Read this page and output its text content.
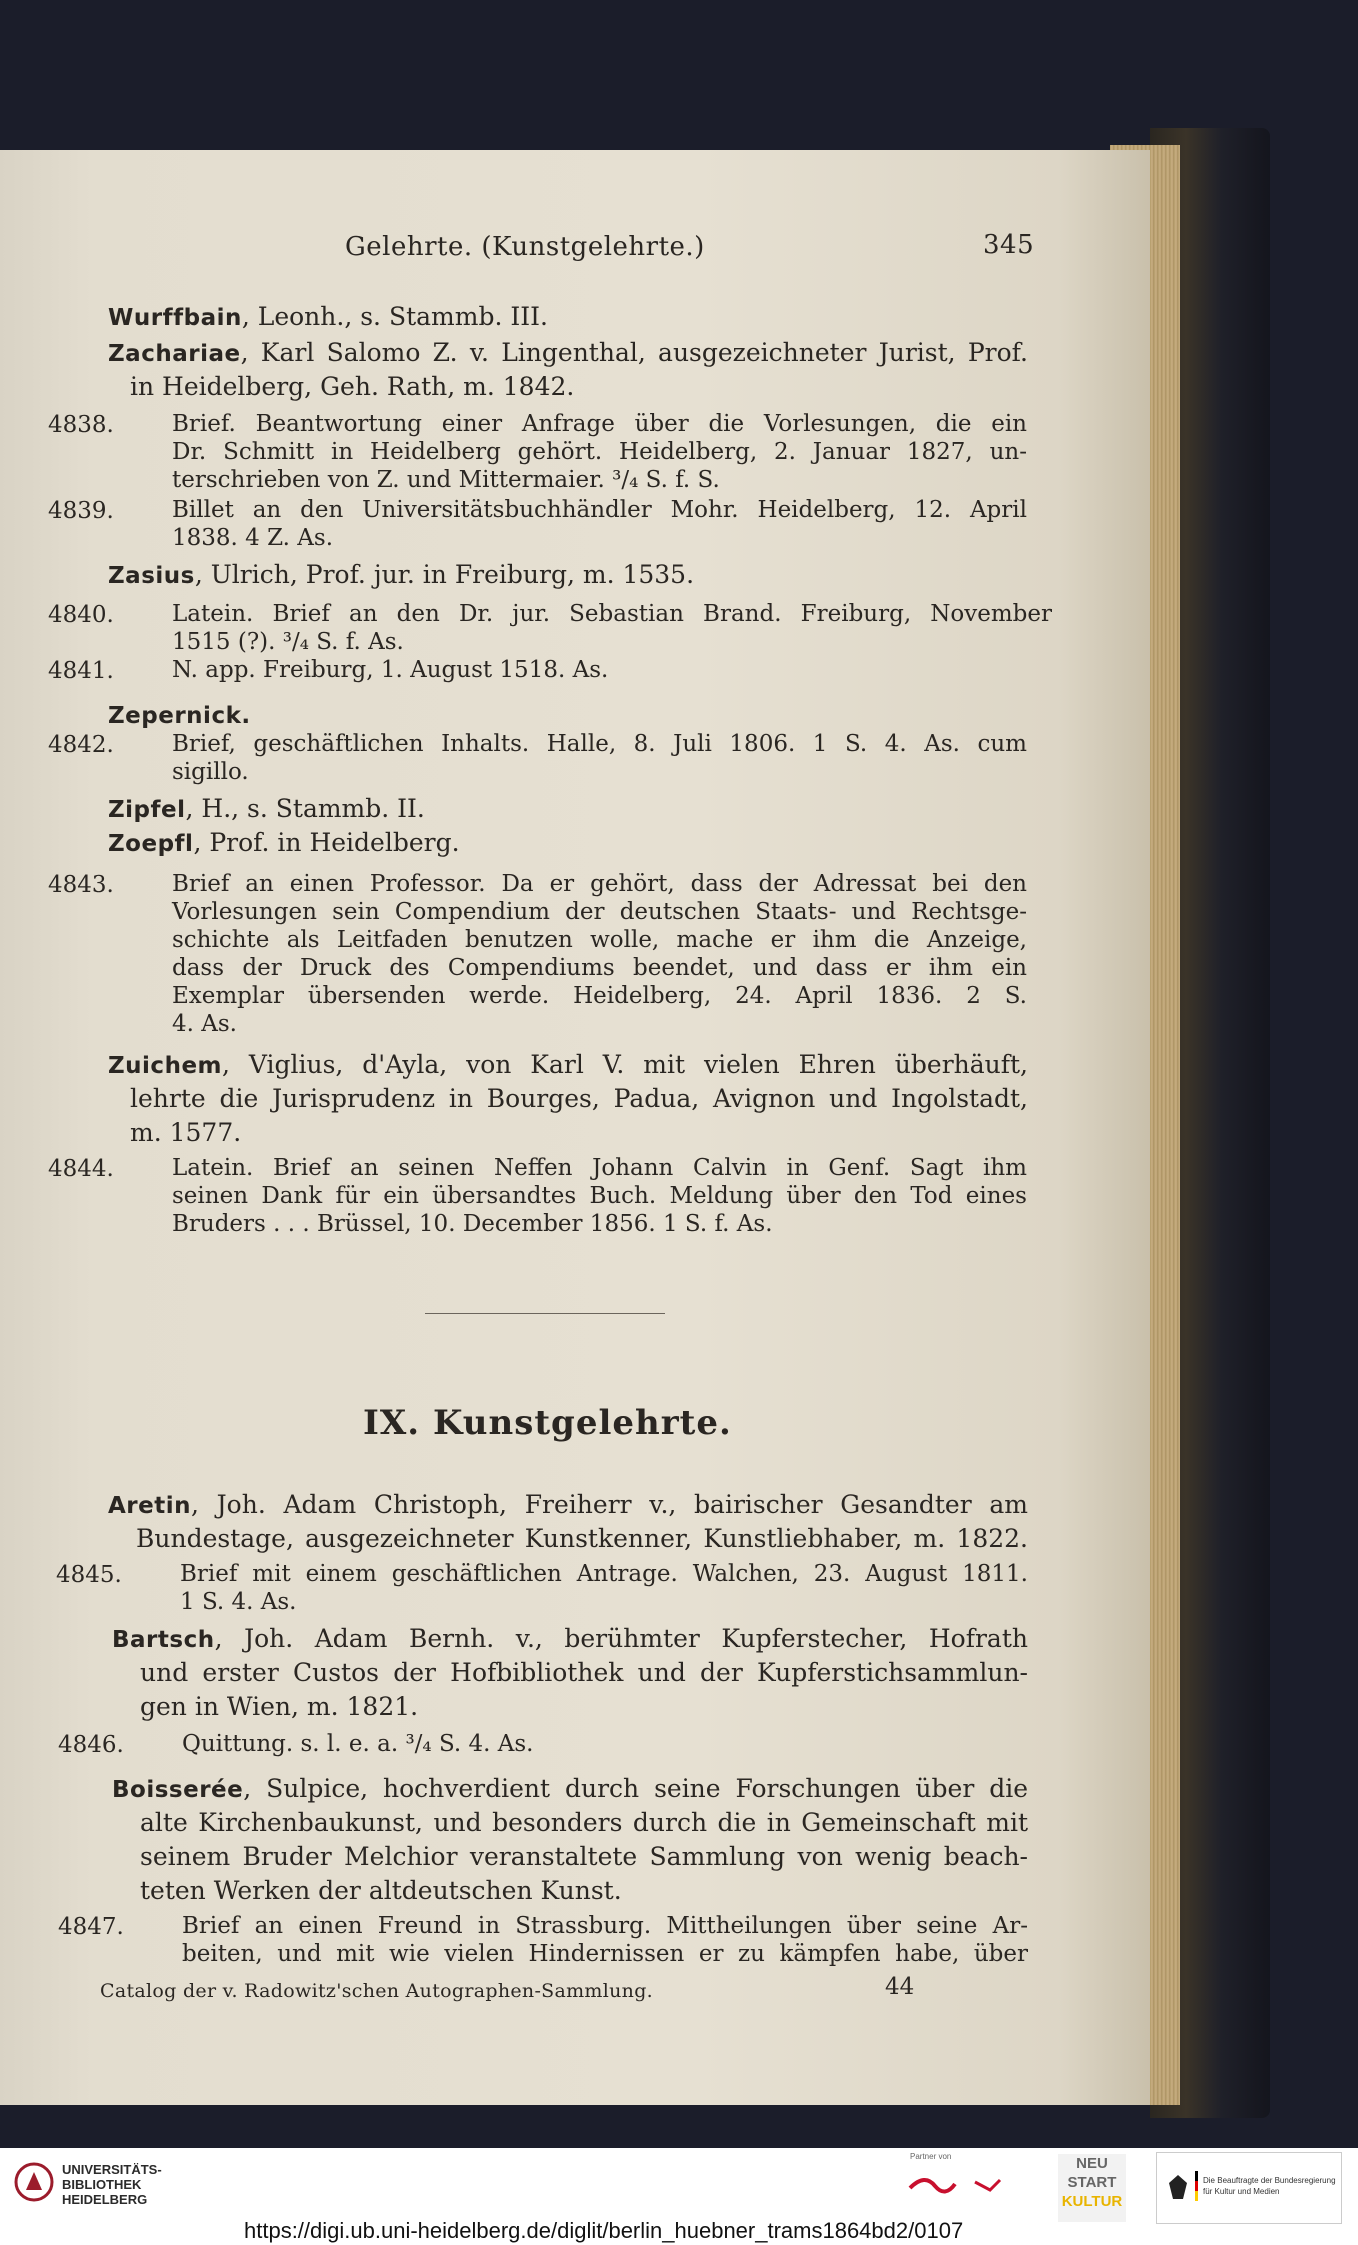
Gelehrte. (Kunstgelehrte.)	345
Wurffbain, Leonh., s. Stammb. III.
Zachariae, Karl Salomo Z. v. Lingenthal, ausgezeichneter Jurist, Prof.
in Heidelberg, Geh. Rath, m. 1842.
4838.	Brief. Beantwortung einer Anfrage über die Vorlesungen, die ein
Dr. Schmitt in Heidelberg gehört. Heidelberg, 2. Januar 1827, un-
terschrieben von Z. und Mittermaier. ³/₄ S. f. S.
4839.	Billet an den Universitätsbuchhändler Mohr. Heidelberg, 12. April
1838. 4 Z. As.
Zasius, Ulrich, Prof. jur. in Freiburg, m. 1535.
4840.	Latein. Brief an den Dr. jur. Sebastian Brand. Freiburg, November
1515 (?). ³/₄ S. f. As.
4841.	N. app. Freiburg, 1. August 1518. As.
Zepernick.
4842.	Brief, geschäftlichen Inhalts. Halle, 8. Juli 1806. 1 S. 4. As. cum
sigillo.
Zipfel, H., s. Stammb. II.
Zoepfl, Prof. in Heidelberg.
4843.	Brief an einen Professor. Da er gehört, dass der Adressat bei den
Vorlesungen sein Compendium der deutschen Staats- und Rechtsge-
schichte als Leitfaden benutzen wolle, mache er ihm die Anzeige,
dass der Druck des Compendiums beendet, und dass er ihm ein
Exemplar übersenden werde. Heidelberg, 24. April 1836. 2 S.
4. As.
Zuichem, Viglius, d'Ayla, von Karl V. mit vielen Ehren überhäuft,
lehrte die Jurisprudenz in Bourges, Padua, Avignon und Ingolstadt,
m. 1577.
4844.	Latein. Brief an seinen Neffen Johann Calvin in Genf. Sagt ihm
seinen Dank für ein übersandtes Buch. Meldung über den Tod eines
Bruders . . . Brüssel, 10. December 1856. 1 S. f. As.
IX. Kunstgelehrte.
Aretin, Joh. Adam Christoph, Freiherr v., bairischer Gesandter am
Bundestage, ausgezeichneter Kunstkenner, Kunstliebhaber, m. 1822.
4845.	Brief mit einem geschäftlichen Antrage. Walchen, 23. August 1811.
1 S. 4. As.
Bartsch, Joh. Adam Bernh. v., berühmter Kupferstecher, Hofrath
und erster Custos der Hofbibliothek und der Kupferstichsammlun-
gen in Wien, m. 1821.
4846.	Quittung. s. l. e. a. ³/₄ S. 4. As.
Boisserée, Sulpice, hochverdient durch seine Forschungen über die
alte Kirchenbaukunst, und besonders durch die in Gemeinschaft mit
seinem Bruder Melchior veranstaltete Sammlung von wenig beach-
teten Werken der altdeutschen Kunst.
4847.	Brief an einen Freund in Strassburg. Mittheilungen über seine Ar-
beiten, und mit wie vielen Hindernissen er zu kämpfen habe, über
Catalog der v. Radowitz'schen Autographen-Sammlung.	44
UNIVERSITÄTS-
BIBLIOTHEK
HEIDELBERG
Partner von	NEU
START
KULTUR
Die Beauftragte der Bundesregierung
für Kultur und Medien
https://digi.ub.uni-heidelberg.de/diglit/berlin_huebner_trams1864bd2/0107
